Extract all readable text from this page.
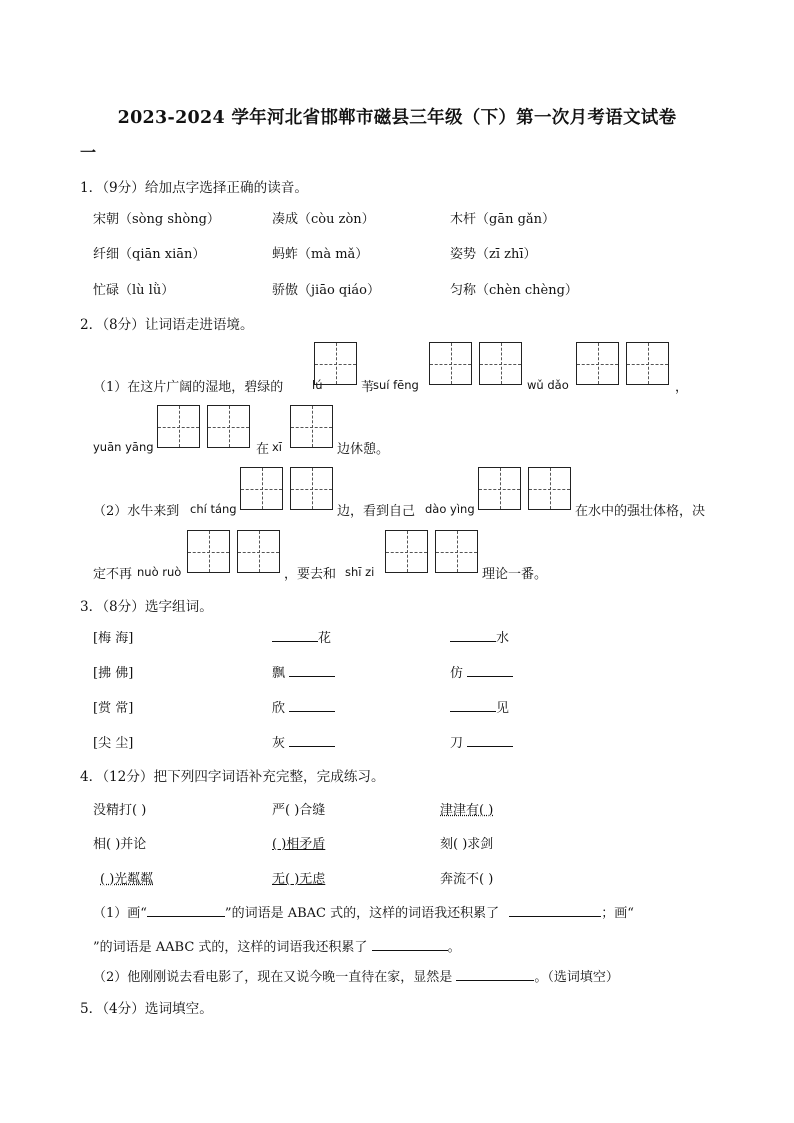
2023-2024 学年河北省邯郸市磁县三年级（下）第一次月考语文试卷
一
1．（9分）给加点字选择正确的读音。
宋朝（sòng shòng）	凑成（còu zòn）	木杆（gān gǎn）
纤细（qiān xiān）	蚂蚱（mà mǎ）	姿势（zī zhī）
忙碌（lù lǜ）	骄傲（jiāo qiáo）	匀称（chèn chèng）
2．（8分）让词语走进语境。
（1）在这片广阔的湿地，碧绿的 lú	苇
suí fēng	wǔ dǎo	，
yuān yāng	在 xī	边休憩。
（2）水牛来到 chí táng	边，看到自己 dào yìng	在水中的强壮体格，决
定不再 nuò ruò	，要去和 shī zi	理论一番。
3．（8分）选字组词。
[梅 海]	花	水
[拂 佛]	飘	仿
[赏 常]	欣	见
[尖 尘]	灰	刀
4．（12分）把下列四字词语补充完整，完成练习。
没精打( )	严( )合缝	津津有( )
相( )并论	( )相矛盾	刻( )求剑
( )光粼粼	无( )无虑	奔流不( )
（1）画“	”的词语是 ABAC 式的，这样的词语我还积累了	；画“
”的词语是 AABC 式的，这样的词语我还积累了	。
（2）他刚刚说去看电影了，现在又说今晚一直待在家，显然是	。（选词填空）
5．（4分）选词填空。
